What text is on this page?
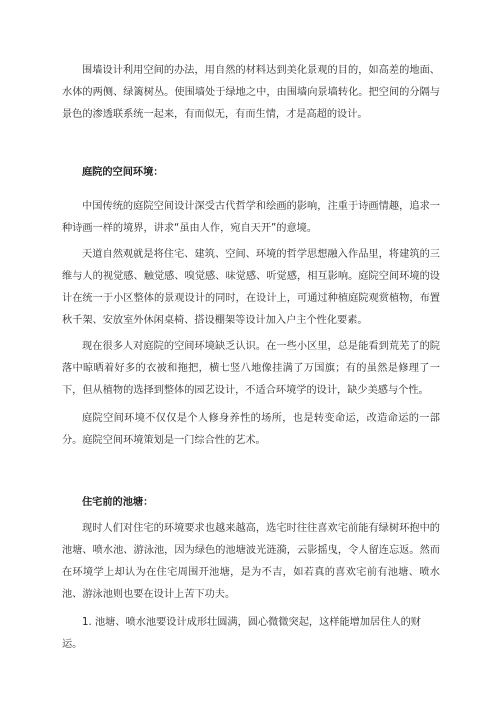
围墙设计利用空间的办法，用自然的材料达到美化景观的目的，如高差的地面、水体的两侧、绿篱树丛。使围墙处于绿地之中，由围墙向景墙转化。把空间的分隔与景色的渗透联系统一起来，有而似无，有而生情，才是高超的设计。

庭院的空间环境：

中国传统的庭院空间设计深受古代哲学和绘画的影响，注重于诗画情趣，追求一种诗画一样的境界，讲求“虽由人作，宛自天开”的意境。

天道自然观就是将住宅、建筑、空间、环境的哲学思想融入作品里，将建筑的三维与人的视觉感、触觉感、嗅觉感、味觉感、听觉感，相互影响。庭院空间环境的设计在统一于小区整体的景观设计的同时，在设计上，可通过种植庭院观赏植物，布置秋千架、安放室外休闲桌椅、搭设棚架等设计加入户主个性化要素。

现在很多人对庭院的空间环境缺乏认识。在一些小区里，总是能看到荒芜了的院落中晾晒着好多的衣被和拖把，横七竖八地像挂满了万国旗；有的虽然是修理了一下，但从植物的选择到整体的园艺设计，不适合环境学的设计，缺少美感与个性。

庭院空间环境不仅仅是个人修身养性的场所，也是转变命运，改造命运的一部分。庭院空间环境策划是一门综合性的艺术。

住宅前的池塘：

现时人们对住宅的环境要求也越来越高，选宅时往往喜欢宅前能有绿树环抱中的池塘、喷水池、游泳池，因为绿色的池塘波光涟漪，云影摇曳，令人留连忘返。然而在环境学上却认为在住宅周围开池塘，是为不吉，如若真的喜欢宅前有池塘、喷水池、游泳池则也要在设计上苦下功夫。

1. 池塘、喷水池要设计成形壮圆满，圆心微微突起，这样能增加居住人的财运。
